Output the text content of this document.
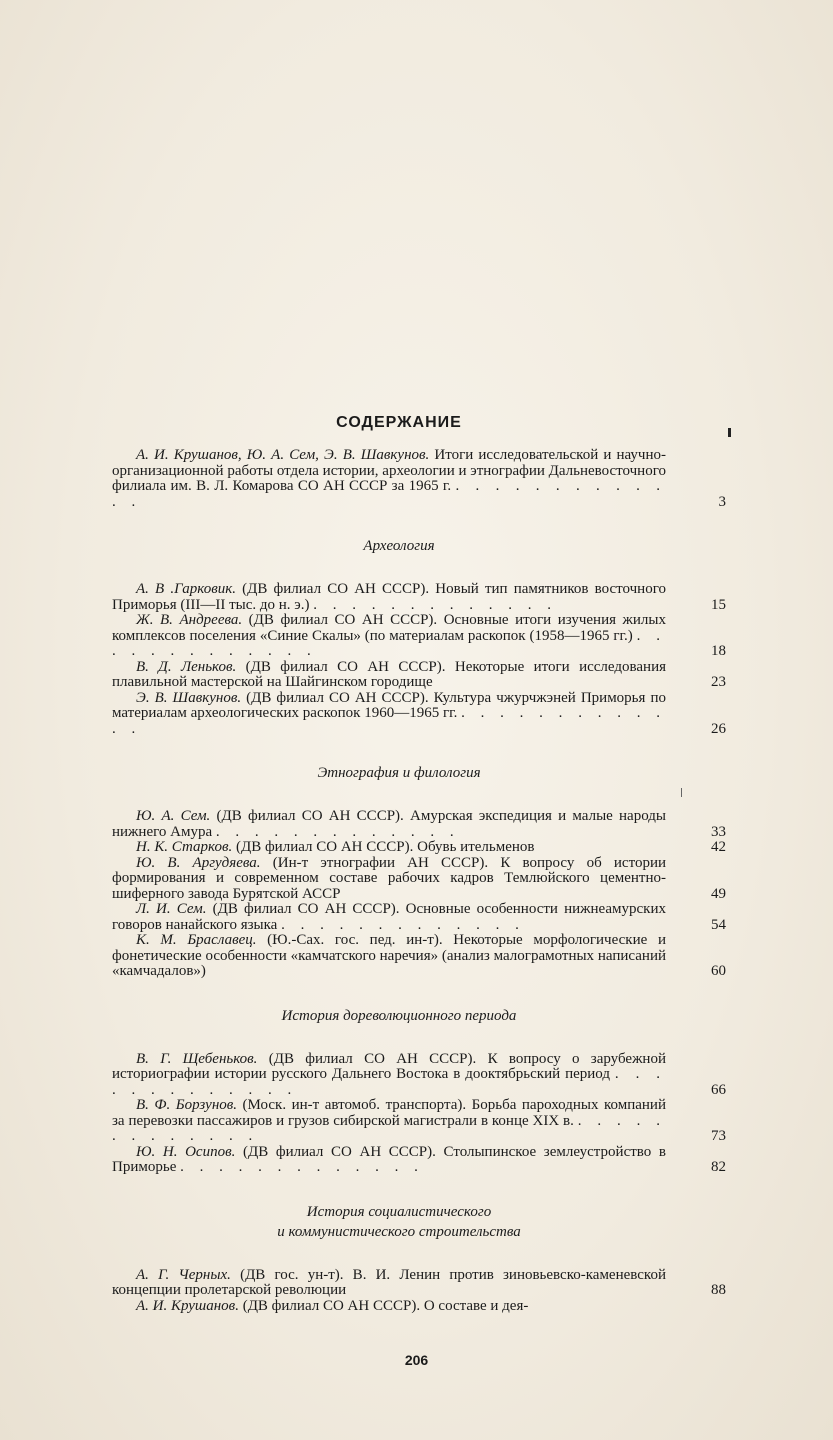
СОДЕРЖАНИЕ
А. И. Крушанов, Ю. А. Сем, Э. В. Шавкунов. Итоги исследовательской и научно-организационной работы отдела истории, археологии и этнографии Дальневосточного филиала им. В. Л. Комарова СО АН СССР за 1965 г. . . . . . . . . . . . . .	3
Археология
А. В .Гарковик. (ДВ филиал СО АН СССР). Новый тип памятников восточного Приморья (III—II тыс. до н. э.) . . . . . . . . . . . . .	15
Ж. В. Андреева. (ДВ филиал СО АН СССР). Основные итоги изучения жилых комплексов поселения «Синие Скалы» (по материалам раскопок (1958—1965 гг.) . . . . . . . . . . . . .	18
В. Д. Леньков. (ДВ филиал СО АН СССР). Некоторые итоги исследования плавильной мастерской на Шайгинском городище	23
Э. В. Шавкунов. (ДВ филиал СО АН СССР). Культура чжурчжэней Приморья по материалам археологических раскопок 1960—1965 гг. . . . . . . . . . . . . .	26
Этнография и филология
Ю. А. Сем. (ДВ филиал СО АН СССР). Амурская экспедиция и малые народы нижнего Амура . . . . . . . . . . . . .	33
Н. К. Старков. (ДВ филиал СО АН СССР). Обувь ительменов	42
Ю. В. Аргудяева. (Ин-т этнографии АН СССР). К вопросу об истории формирования и современном составе рабочих кадров Темлюйского цементно-шиферного завода Бурятской АССР	49
Л. И. Сем. (ДВ филиал СО АН СССР). Основные особенности нижнеамурских говоров нанайского языка . . . . . . . . . . . . .	54
К. М. Браславец. (Ю.-Сах. гос. пед. ин-т). Некоторые морфологические и фонетические особенности «камчатского наречия» (анализ малограмотных написаний «камчадалов»)	60
История дореволюционного периода
В. Г. Щебеньков. (ДВ филиал СО АН СССР). К вопросу о зарубежной историографии истории русского Дальнего Востока в дооктябрьский период . . . . . . . . . . . . .	66
В. Ф. Борзунов. (Моск. ин-т автомоб. транспорта). Борьба пароходных компаний за перевозки пассажиров и грузов сибирской магистрали в конце XIX в. . . . . . . . . . . . . .	73
Ю. Н. Осипов. (ДВ филиал СО АН СССР). Столыпинское землеустройство в Приморье . . . . . . . . . . . . .	82
История социалистического
и коммунистического строительства
А. Г. Черных. (ДВ гос. ун-т). В. И. Ленин против зиновьевско-каменевской концепции пролетарской революции	88
А. И. Крушанов. (ДВ филиал СО АН СССР). О составе и дея-
206
